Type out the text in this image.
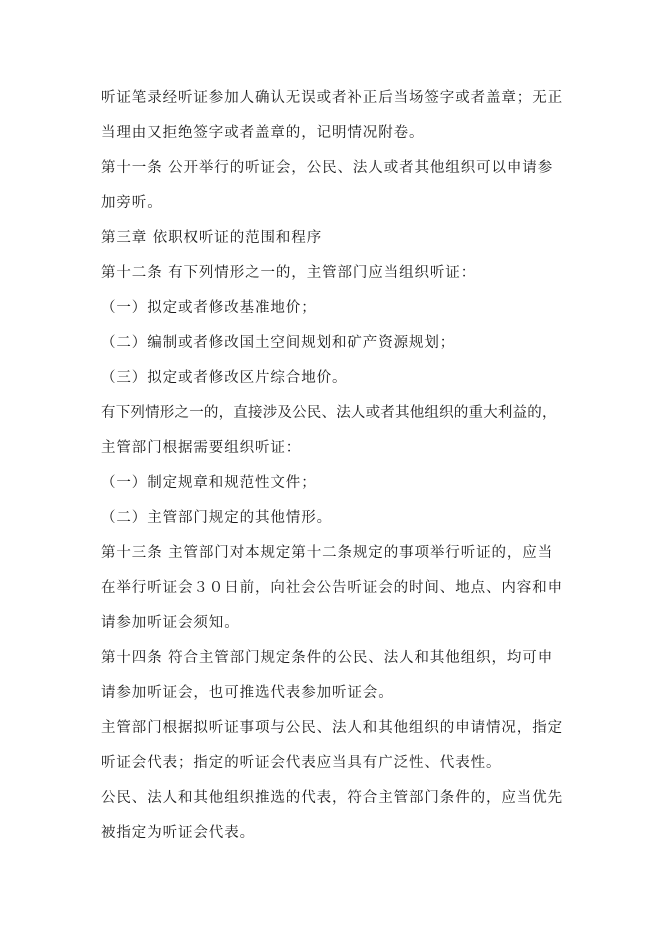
听证笔录经听证参加人确认无误或者补正后当场签字或者盖章；无正
当理由又拒绝签字或者盖章的，记明情况附卷。
第十一条 公开举行的听证会，公民、法人或者其他组织可以申请参
加旁听。
第三章 依职权听证的范围和程序
第十二条 有下列情形之一的，主管部门应当组织听证：
（一）拟定或者修改基准地价；
（二）编制或者修改国土空间规划和矿产资源规划；
（三）拟定或者修改区片综合地价。
有下列情形之一的，直接涉及公民、法人或者其他组织的重大利益的，
主管部门根据需要组织听证：
（一）制定规章和规范性文件；
（二）主管部门规定的其他情形。
第十三条 主管部门对本规定第十二条规定的事项举行听证的，应当
在举行听证会３０日前，向社会公告听证会的时间、地点、内容和申
请参加听证会须知。
第十四条 符合主管部门规定条件的公民、法人和其他组织，均可申
请参加听证会，也可推选代表参加听证会。
主管部门根据拟听证事项与公民、法人和其他组织的申请情况，指定
听证会代表；指定的听证会代表应当具有广泛性、代表性。
公民、法人和其他组织推选的代表，符合主管部门条件的，应当优先
被指定为听证会代表。
